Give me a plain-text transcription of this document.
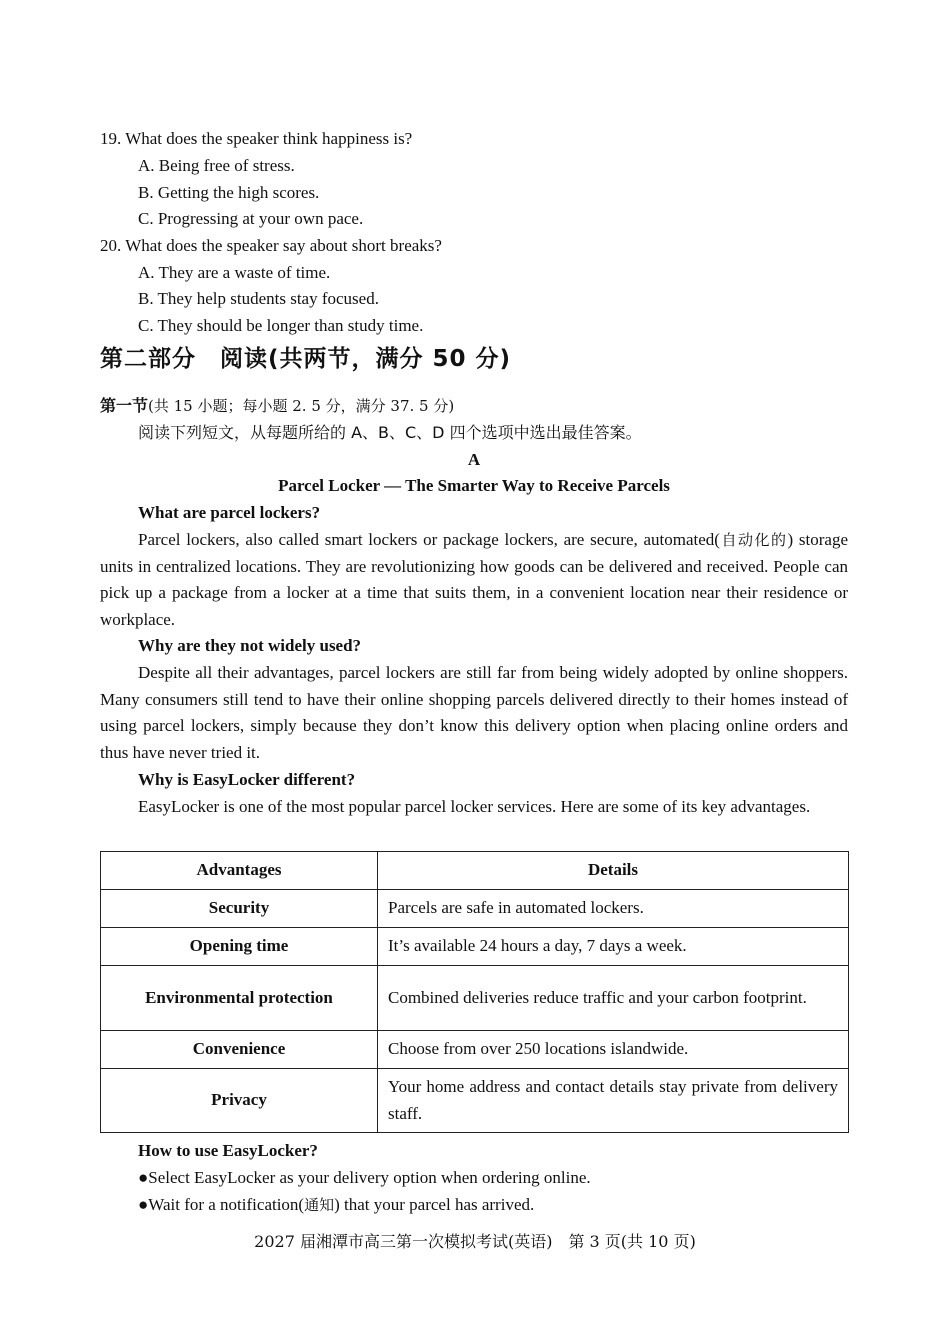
19. What does the speaker think happiness is?
A. Being free of stress.
B. Getting the high scores.
C. Progressing at your own pace.
20. What does the speaker say about short breaks?
A. They are a waste of time.
B. They help students stay focused.
C. They should be longer than study time.
第二部分　阅读(共两节，满分 50 分)
第一节(共 15 小题；每小题 2. 5 分，满分 37. 5 分)
阅读下列短文，从每题所给的 A、B、C、D 四个选项中选出最佳答案。
A
Parcel Locker — The Smarter Way to Receive Parcels
What are parcel lockers?

Parcel lockers, also called smart lockers or package lockers, are secure, automated(自动化的) storage units in centralized locations. They are revolutionizing how goods can be delivered and received. People can pick up a package from a locker at a time that suits them, in a convenient location near their residence or workplace.

Why are they not widely used?

Despite all their advantages, parcel lockers are still far from being widely adopted by online shoppers. Many consumers still tend to have their online shopping parcels delivered directly to their homes instead of using parcel lockers, simply because they don’t know this delivery option when placing online orders and thus have never tried it.

Why is EasyLocker different?

EasyLocker is one of the most popular parcel locker services. Here are some of its key advantages.

Advantages	Details
Security	Parcels are safe in automated lockers.
Opening time	It’s available 24 hours a day, 7 days a week.
Environmental protection	Combined deliveries reduce traffic and your carbon footprint.
Convenience	Choose from over 250 locations islandwide.
Privacy	Your home address and contact details stay private from delivery staff.
How to use EasyLocker?
●Select EasyLocker as your delivery option when ordering online.
●Wait for a notification(通知) that your parcel has arrived.
2027 届湘潭市高三第一次模拟考试(英语)　第 3 页(共 10 页)
